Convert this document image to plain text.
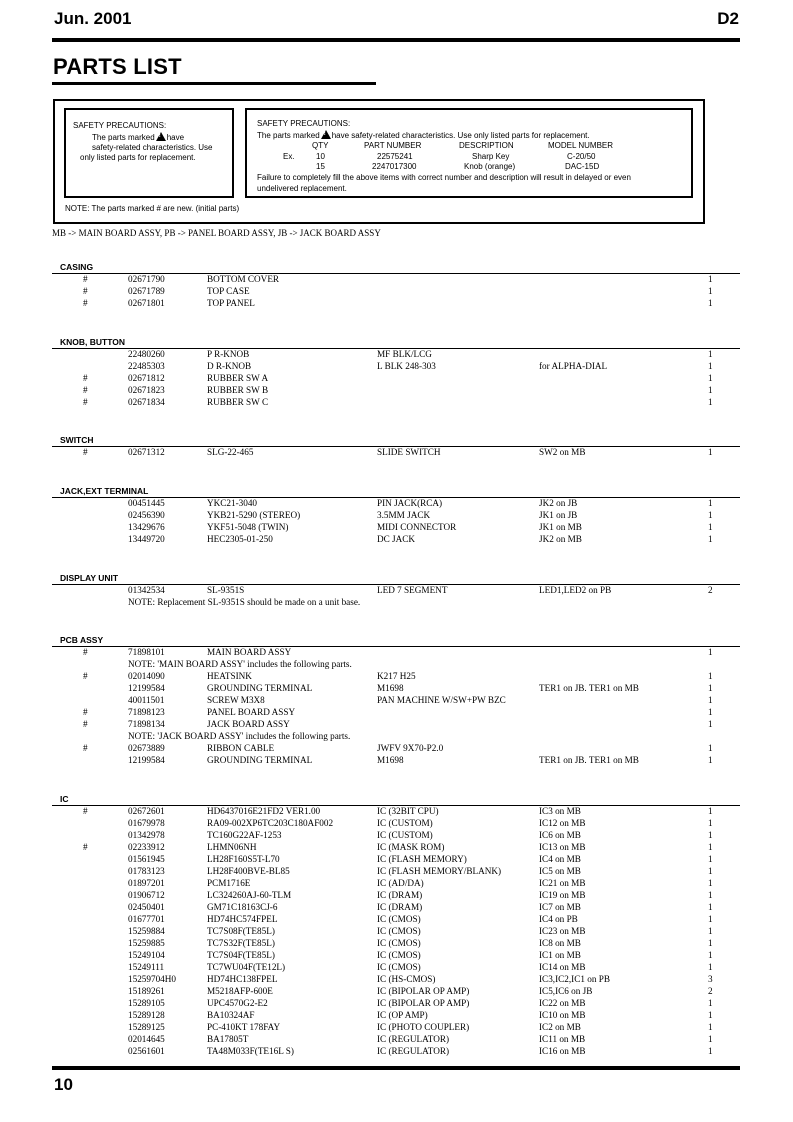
Jun. 2001	D2
PARTS LIST
SAFETY PRECAUTIONS:
The parts marked ! have
safety-related characteristics. Use
only listed parts for replacement.
SAFETY PRECAUTIONS:
The parts marked ! have safety-related characteristics. Use only listed parts for replacement.
QTY	PART NUMBER	DESCRIPTION	MODEL NUMBER
Ex.	10	22575241	Sharp Key	C-20/50
15	2247017300	Knob (orange)	DAC-15D
Failure to completely fill the above items with correct number and description will result in delayed or even
undelivered replacement.
NOTE: The parts marked # are new. (initial parts)
MB -> MAIN BOARD ASSY, PB -> PANEL BOARD ASSY, JB -> JACK BOARD ASSY
CASING
#	02671790	BOTTOM COVER	1
#	02671789	TOP CASE	1
#	02671801	TOP PANEL	1
KNOB, BUTTON
22480260	P R-KNOB	MF BLK/LCG	1
22485303	D R-KNOB	L BLK 248-303	for ALPHA-DIAL	1
#	02671812	RUBBER SW A	1
#	02671823	RUBBER SW B	1
#	02671834	RUBBER SW C	1
SWITCH
#	02671312	SLG-22-465	SLIDE SWITCH	SW2 on MB	1
JACK,EXT TERMINAL
00451445	YKC21-3040	PIN JACK(RCA)	JK2 on JB	1
02456390	YKB21-5290 (STEREO)	3.5MM JACK	JK1 on JB	1
13429676	YKF51-5048 (TWIN)	MIDI CONNECTOR	JK1 on MB	1
13449720	HEC2305-01-250	DC JACK	JK2 on MB	1
DISPLAY UNIT
01342534	SL-9351S	LED 7 SEGMENT	LED1,LED2 on PB	2
NOTE: Replacement SL-9351S should be made on a unit base.
PCB ASSY
#	71898101	MAIN BOARD ASSY	1
NOTE: 'MAIN BOARD ASSY' includes the following parts.
#	02014090	HEATSINK	K217 H25	1
12199584	GROUNDING TERMINAL	M1698	TER1 on JB. TER1 on MB	1
40011501	SCREW M3X8	PAN MACHINE W/SW+PW BZC	1
#	71898123	PANEL BOARD ASSY	1
#	71898134	JACK BOARD ASSY	1
NOTE: 'JACK BOARD ASSY' includes the following parts.
#	02673889	RIBBON CABLE	JWFV 9X70-P2.0	1
12199584	GROUNDING TERMINAL	M1698	TER1 on JB. TER1 on MB	1
IC
#	02672601	HD6437016E21FD2 VER1.00	IC (32BIT CPU)	IC3 on MB	1
01679978	RA09-002XP6TC203C180AF002	IC (CUSTOM)	IC12 on MB	1
01342978	TC160G22AF-1253	IC (CUSTOM)	IC6 on MB	1
#	02233912	LHMN06NH	IC (MASK ROM)	IC13 on MB	1
01561945	LH28F160S5T-L70	IC (FLASH MEMORY)	IC4 on MB	1
01783123	LH28F400BVE-BL85	IC (FLASH MEMORY/BLANK)	IC5 on MB	1
01897201	PCM1716E	IC (AD/DA)	IC21 on MB	1
01906712	LC324260AJ-60-TLM	IC (DRAM)	IC19 on MB	1
02450401	GM71C18163CJ-6	IC (DRAM)	IC7 on MB	1
01677701	HD74HC574FPEL	IC (CMOS)	IC4 on PB	1
15259884	TC7S08F(TE85L)	IC (CMOS)	IC23 on MB	1
15259885	TC7S32F(TE85L)	IC (CMOS)	IC8 on MB	1
15249104	TC7S04F(TE85L)	IC (CMOS)	IC1 on MB	1
15249111	TC7WU04F(TE12L)	IC (CMOS)	IC14 on MB	1
15259704H0	HD74HC138FPEL	IC (HS-CMOS)	IC3,IC2,IC1 on PB	3
15189261	M5218AFP-600E	IC (BIPOLAR OP AMP)	IC5,IC6 on JB	2
15289105	UPC4570G2-E2	IC (BIPOLAR OP AMP)	IC22 on MB	1
15289128	BA10324AF	IC (OP AMP)	IC10 on MB	1
15289125	PC-410KT 178FAY	IC (PHOTO COUPLER)	IC2 on MB	1
02014645	BA17805T	IC (REGULATOR)	IC11 on MB	1
02561601	TA48M033F(TE16L S)	IC (REGULATOR)	IC16 on MB	1
10
